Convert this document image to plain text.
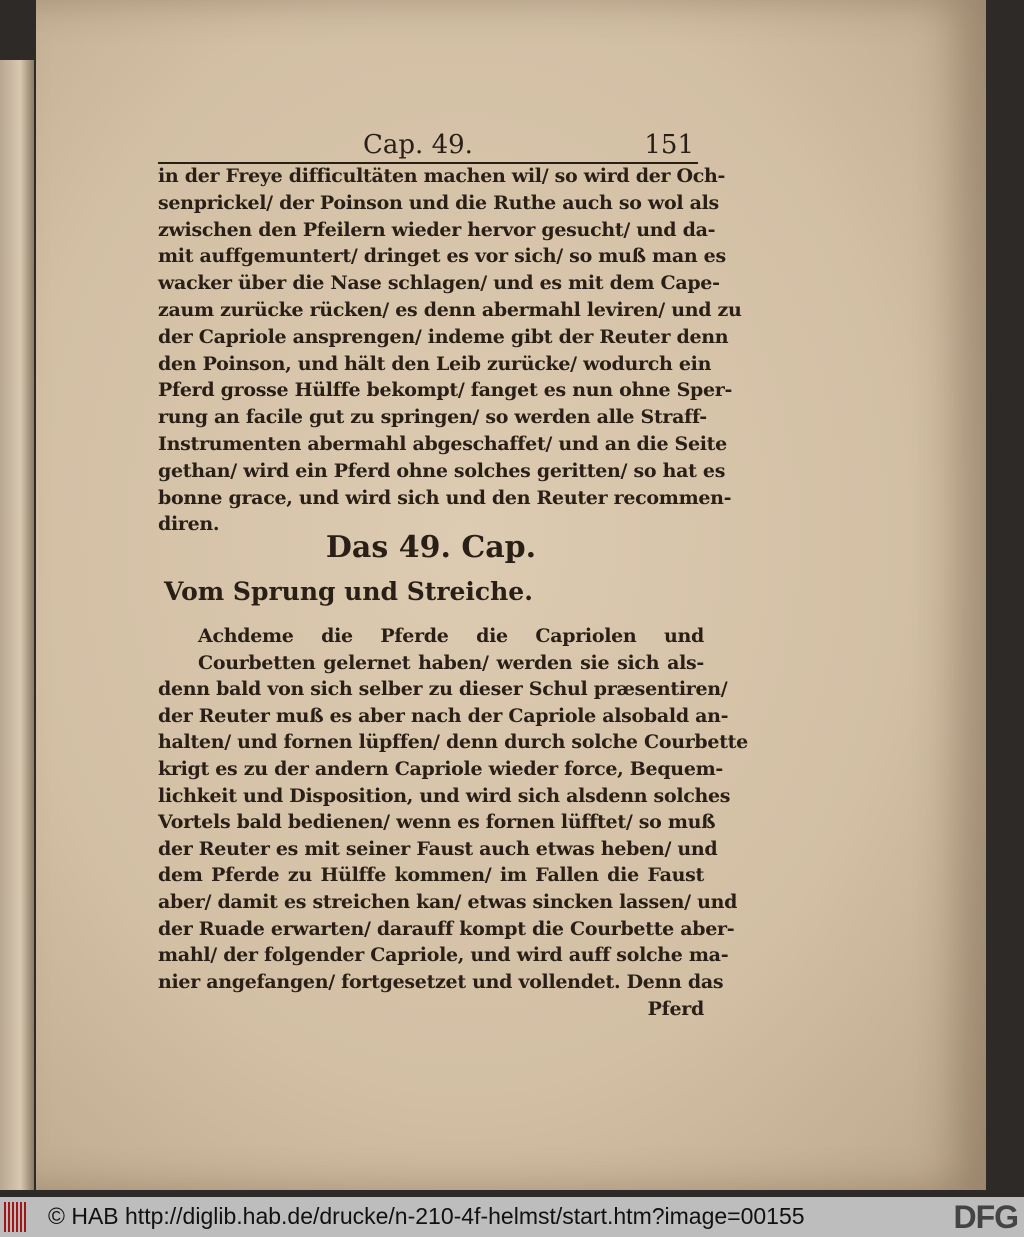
Cap. 49.	151
in der Freye difficultäten machen wil/ so wird der Och-
senprickel/ der Poinson und die Ruthe auch so wol als
zwischen den Pfeilern wieder hervor gesucht/ und da-
mit auffgemuntert/ dringet es vor sich/ so muß man es
wacker über die Nase schlagen/ und es mit dem Cape-
zaum zurücke rücken/ es denn abermahl leviren/ und zu
der Capriole ansprengen/ indeme gibt der Reuter denn
den Poinson, und hält den Leib zurücke/ wodurch ein
Pferd grosse Hülffe bekompt/ fanget es nun ohne Sper-
rung an facile gut zu springen/ so werden alle Straff-
Instrumenten abermahl abgeschaffet/ und an die Seite
gethan/ wird ein Pferd ohne solches geritten/ so hat es
bonne grace, und wird sich und den Reuter recommen-
diren.
Das 49. Cap.
Vom Sprung und Streiche.
Achdeme die Pferde die Capriolen und
Courbetten gelernet haben/ werden sie sich als-
denn bald von sich selber zu dieser Schul præsentiren/
der Reuter muß es aber nach der Capriole alsobald an-
halten/ und fornen lüpffen/ denn durch solche Courbette
krigt es zu der andern Capriole wieder force, Bequem-
lichkeit und Disposition, und wird sich alsdenn solches
Vortels bald bedienen/ wenn es fornen lüfftet/ so muß
der Reuter es mit seiner Faust auch etwas heben/ und
dem Pferde zu Hülffe kommen/ im Fallen die Faust
aber/ damit es streichen kan/ etwas sincken lassen/ und
der Ruade erwarten/ darauff kompt die Courbette aber-
mahl/ der folgender Capriole, und wird auff solche ma-
nier angefangen/ fortgesetzet und vollendet. Denn das
Pferd
© HAB http://diglib.hab.de/drucke/n-210-4f-helmst/start.htm?image=00155	DFG
